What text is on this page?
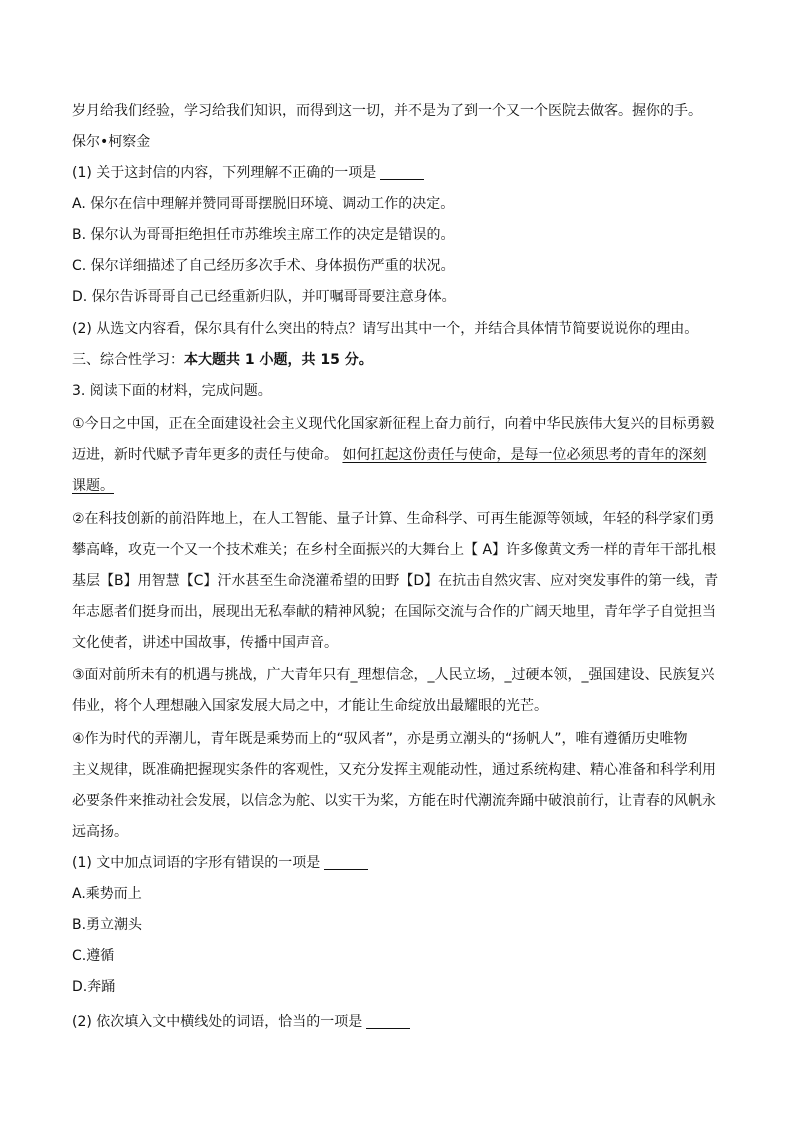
岁月给我们经验，学习给我们知识，而得到这一切，并不是为了到一个又一个医院去做客。握你的手。
保尔•柯察金
(1) 关于这封信的内容，下列理解不正确的一项是
A. 保尔在信中理解并赞同哥哥摆脱旧环境、调动工作的决定。
B. 保尔认为哥哥拒绝担任市苏维埃主席工作的决定是错误的。
C. 保尔详细描述了自己经历多次手术、身体损伤严重的状况。
D. 保尔告诉哥哥自己已经重新归队，并叮嘱哥哥要注意身体。
(2) 从选文内容看，保尔具有什么突出的特点？请写出其中一个，并结合具体情节简要说说你的理由。
三、综合性学习：本大题共 1 小题，共 15 分。
3. 阅读下面的材料，完成问题。
①今日之中国，正在全面建设社会主义现代化国家新征程上奋力前行，向着中华民族伟大复兴的目标勇毅
迈进，新时代赋予青年更多的责任与使命。 如何扛起这份责任与使命，是每一位必须思考的青年的深刻
课题。
②在科技创新的前沿阵地上，在人工智能、量子计算、生命科学、可再生能源等领域，年轻的科学家们勇
攀高峰，攻克一个又一个技术难关；在乡村全面振兴的大舞台上【 A】许多像黄文秀一样的青年干部扎根
基层【B】用智慧【C】汗水甚至生命浇灌希望的田野【D】在抗击自然灾害、应对突发事件的第一线，青
年志愿者们挺身而出，展现出无私奉献的精神风貌；在国际交流与合作的广阔天地里，青年学子自觉担当
文化使者，讲述中国故事，传播中国声音。
③面对前所未有的机遇与挑战，广大青年只有_理想信念，_人民立场，_过硬本领，_强国建设、民族复兴
伟业，将个人理想融入国家发展大局之中，才能让生命绽放出最耀眼的光芒。
④作为时代的弄潮儿，青年既是乘势而上的“驭风者”，亦是勇立潮头的“扬帆人”，唯有遵循历史唯物
主义规律，既准确把握现实条件的客观性，又充分发挥主观能动性，通过系统构建、精心准备和科学利用
必要条件来推动社会发展，以信念为舵、以实干为桨，方能在时代潮流奔踊中破浪前行，让青春的风帆永
远高扬。
(1) 文中加点词语的字形有错误的一项是
A.乘势而上
B.勇立潮头
C.遵循
D.奔踊
(2) 依次填入文中横线处的词语，恰当的一项是
